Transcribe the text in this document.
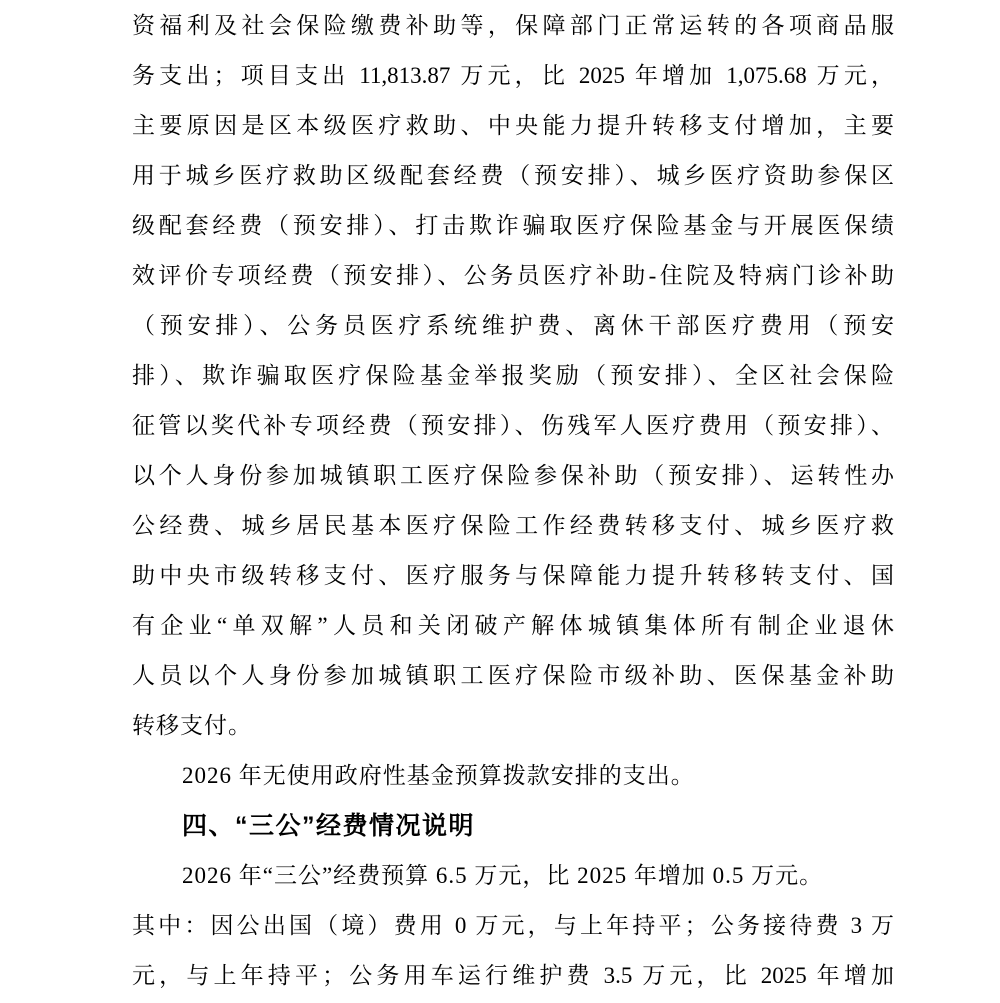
资福利及社会保险缴费补助等，保障部门正常运转的各项商品服
务支出；项目支出 11,813.87 万元，比 2025 年增加 1,075.68 万元，
主要原因是区本级医疗救助、中央能力提升转移支付增加，主要
用于城乡医疗救助区级配套经费（预安排）、城乡医疗资助参保区
级配套经费（预安排）、打击欺诈骗取医疗保险基金与开展医保绩
效评价专项经费（预安排）、公务员医疗补助-住院及特病门诊补助
（预安排）、公务员医疗系统维护费、离休干部医疗费用（预安
排）、欺诈骗取医疗保险基金举报奖励（预安排）、全区社会保险
征管以奖代补专项经费（预安排）、伤残军人医疗费用（预安排）、
以个人身份参加城镇职工医疗保险参保补助（预安排）、运转性办
公经费、城乡居民基本医疗保险工作经费转移支付、城乡医疗救
助中央市级转移支付、医疗服务与保障能力提升转移转支付、国
有企业“单双解”人员和关闭破产解体城镇集体所有制企业退休
人员以个人身份参加城镇职工医疗保险市级补助、医保基金补助
转移支付。
2026 年无使用政府性基金预算拨款安排的支出。
四、“三公”经费情况说明
2026 年“三公”经费预算 6.5 万元，比 2025 年增加 0.5 万元。
其中：因公出国（境）费用 0 万元，与上年持平；公务接待费 3 万
元，与上年持平；公务用车运行维护费 3.5 万元，比 2025 年增加
